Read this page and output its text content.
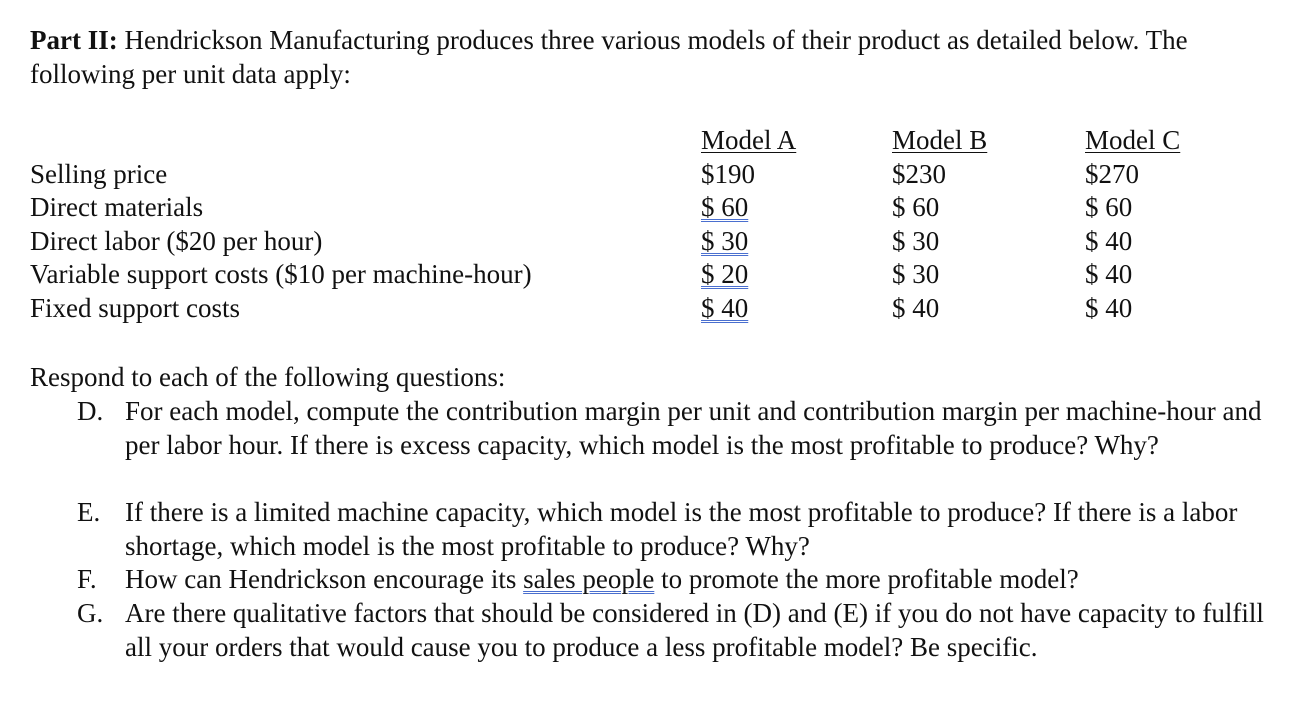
Part II: Hendrickson Manufacturing produces three various models of their product as detailed below. The following per unit data apply:

Model A	Model B	Model C
Selling price
Direct materials
Direct labor ($20 per hour)
Variable support costs ($10 per machine-hour)
Fixed support costs
$190
$ 60
$ 30
$ 20
$ 40
$230
$ 60
$ 30
$ 30
$ 40
$270
$ 60
$ 40
$ 40
$ 40

Respond to each of the following questions:

D. For each model, compute the contribution margin per unit and contribution margin per machine-hour and per labor hour. If there is excess capacity, which model is the most profitable to produce? Why?

E. If there is a limited machine capacity, which model is the most profitable to produce? If there is a labor shortage, which model is the most profitable to produce? Why?

F. How can Hendrickson encourage its sales people to promote the more profitable model?

G. Are there qualitative factors that should be considered in (D) and (E) if you do not have capacity to fulfill all your orders that would cause you to produce a less profitable model? Be specific.
